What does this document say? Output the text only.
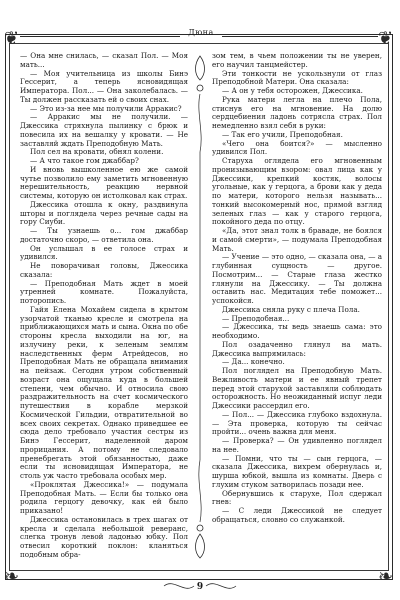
❦	❦
❧	❧
Дюна

— Она мне снилась, — сказал Пол. — Моя мать...

— Моя учительница из школы Бинэ Гессерит, а теперь ясновидящая Императора. Пол... — Она заколебалась. — Ты должен рассказать ей о своих снах.

— Это из-за нее мы получили Арракис?

— Арракис мы не получили. — Джессика стряхнула пылинку с брюк и повесила их на вешалку у кровати. — Не заставляй ждать Преподобную Мать.

Пол сел на кровати, обнял колени.

— А что такое гом джаббар?

И вновь вышколенное ею же самой чутье позволило ему заметить мгновенную нерешительность, реакцию нервной системы, которую он истолковал как страх.

Джессика отошла к окну, раздвинула шторы и поглядела через речные сады на гору Сиуби.

— Ты узнаешь о... гом джаббар достаточно скоро, — ответила она.

Он услышал в ее голосе страх и удивился.

Не поворачивая головы, Джессика сказала:

— Преподобная Мать ждет в моей утренней комнате. Пожалуйста, поторопись.

Гайя Елена Мохайем сидела в крытом узорчатой тканью кресле и смотрела на приближающихся мать и сына. Окна по обе стороны кресла выходили на юг, на излучину реки, к зеленым землям наследственных ферм Атрейдесов, но Преподобная Мать не обращала внимания на пейзаж. Сегодня утром собственный возраст она ощущала куда в большей степени, чем обычно. И относила свою раздражительность на счет космического путешествия в корабле мерзкой Космической Гильдии, отвратительной во всех своих секретах. Однако приведшее ее сюда дело требовало участия сестры из Бинэ Гессерит, наделенной даром прорицания. А потому не следовало пренебрегать этой обязанностью, даже если ты ясновидящая Императора, не столь уж часто требовала особых мер.

«Проклятая Джессика!» — подумала Преподобная Мать. — Если бы только она родила герцогу девочку, как ей было приказано!

Джессика остановилась в трех шагах от кресла и сделала небольшой реверанс, слегка тронув левой ладонью юбку. Пол отвесил короткий поклон: кланяться подобным обра-

зом тем, в чьем положении ты не уверен, его научил танцмейстер.

Эти тонкости не ускользнули от глаз Преподобной Матери. Она сказала:

— А он у тебя осторожен, Джессика.

Рука матери легла на плечо Пола, стиснув его на мгновение. На долю сердцебиения ладонь сотрясла страх. Пол немедленно взял себя в руки:

— Так его учили, Преподобная.

«Чего она боится?» — мысленно удивился Пол.

Старуха оглядела его мгновенным пронизывающим взором: овал лица как у Джессики, крепкий костяк, волосы угольные, как у герцога, а брови как у деда по матери, которого нельзя называть... тонкий высокомерный нос, прямой взгляд зеленых глаз — как у старого герцога, покойного деда по отцу.

«Да, этот знал толк в бравадe, не боялся и самой смерти», — подумала Преподобная Мать.

— Учение — это одно, — сказала она, — а глубинная сущность — другое. Посмотрим... — Старые глаза жестко глянули на Джессику. — Ты должна оставить нас. Медитация тебе поможет... успокойся.

Джессика сняла руку с плеча Пола.

— Преподобная...

— Джессика, ты ведь знаешь сама: это необходимо.

Пол озадаченно глянул на мать. Джессика выпрямилась:

— Да... конечно.

Пол поглядел на Преподобную Мать. Вежливость матери и ее явный трепет перед этой старухой заставляли соблюдать осторожность. Но неожиданный испуг леди Джессики рассердил его.

— Пол... — Джессика глубоко вздохнула. — Эта проверка, которую ты сейчас пройти... очень важна для меня.

— Проверка? — Он удивленно поглядел на нее.

— Помни, что ты — сын герцога, — сказала Джессика, вихрем обернулась и, шурша юбкой, вышла из комнаты. Дверь с глухим стуком затворилась позади нее.

Обернувшись к старухе, Пол сдержал гнев:

— С леди Джессикой не следует обращаться, словно со служанкой.

9
